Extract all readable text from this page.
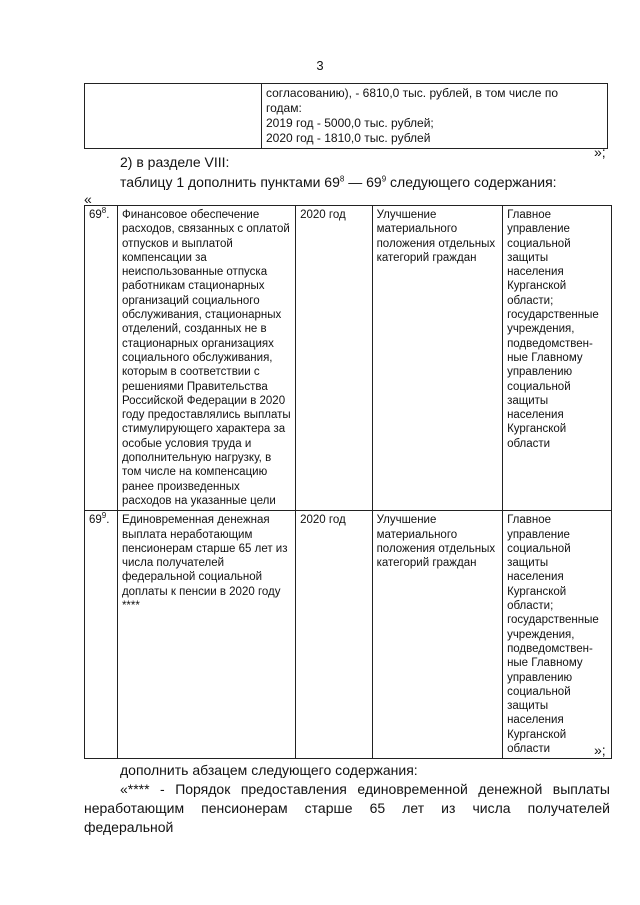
3

согласованию), - 6810,0 тыс. рублей, в том числе по
годам:
2019 год - 5000,0 тыс. рублей;
2020 год - 1810,0 тыс. рублей
»;
2) в разделе VIII:
таблицу 1 дополнить пунктами $69^8$ — $69^9$ следующего содержания:
«
$69^8$.	Финансовое обеспечение расходов, связанных с оплатой отпусков и выплатой компенсации за неиспользованные отпуска работникам стационарных организаций социального обслуживания, стационарных отделений, созданных не в стационарных организациях социального обслуживания, которым в соответствии с решениями Правительства Российской Федерации в 2020 году предоставлялись выплаты стимулирующего характера за особые условия труда и дополнительную нагрузку, в том числе на компенсацию ранее произведенных расходов на указанные цели	2020 год	Улучшение материального положения отдельных категорий граждан	Главное управление социальной защиты населения Курганской области; государственные учреждения, подведомствен-ные Главному управлению социальной защиты населения Курганской области
$69^9$.	Единовременная денежная выплата неработающим пенсионерам старше 65 лет из числа получателей федеральной социальной доплаты к пенсии в 2020 году ****	2020 год	Улучшение материального положения отдельных категорий граждан	Главное управление социальной защиты населения Курганской области; государственные учреждения, подведомствен-ные Главному управлению социальной защиты населения Курганской области	»;
дополнить абзацем следующего содержания:
«**** - Порядок предоставления единовременной денежной выплаты неработающим пенсионерам старше 65 лет из числа получателей федеральной
